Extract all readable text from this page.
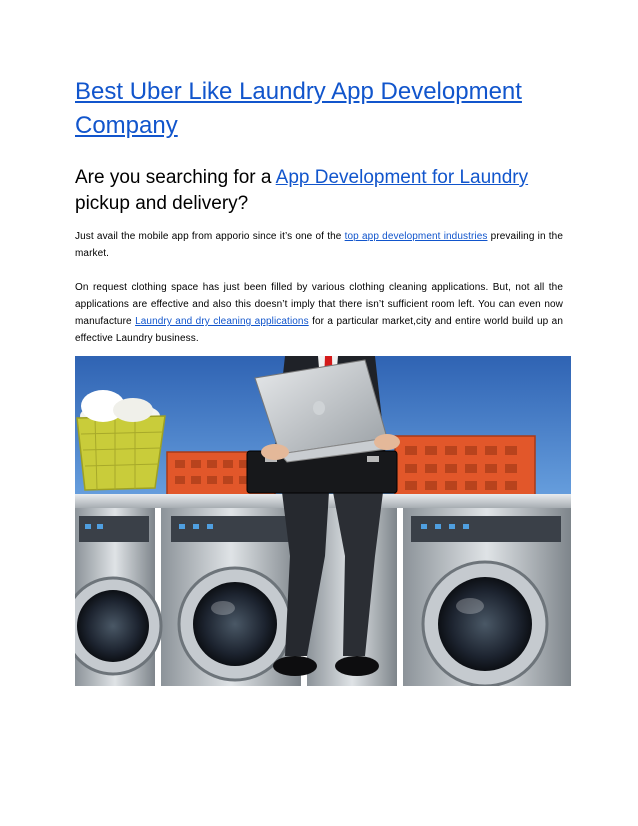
Best Uber Like Laundry App Development Company
Are you searching for a App Development for Laundry pickup and delivery?

Just avail the mobile app from apporio since it’s one of the top app development industries prevailing in the market.

On request clothing space has just been filled by various clothing cleaning applications. But, not all the applications are effective and also this doesn’t imply that there isn’t sufficient room left. You can even now manufacture Laundry and dry cleaning applications for a particular market,city and entire world build up an effective Laundry business.
